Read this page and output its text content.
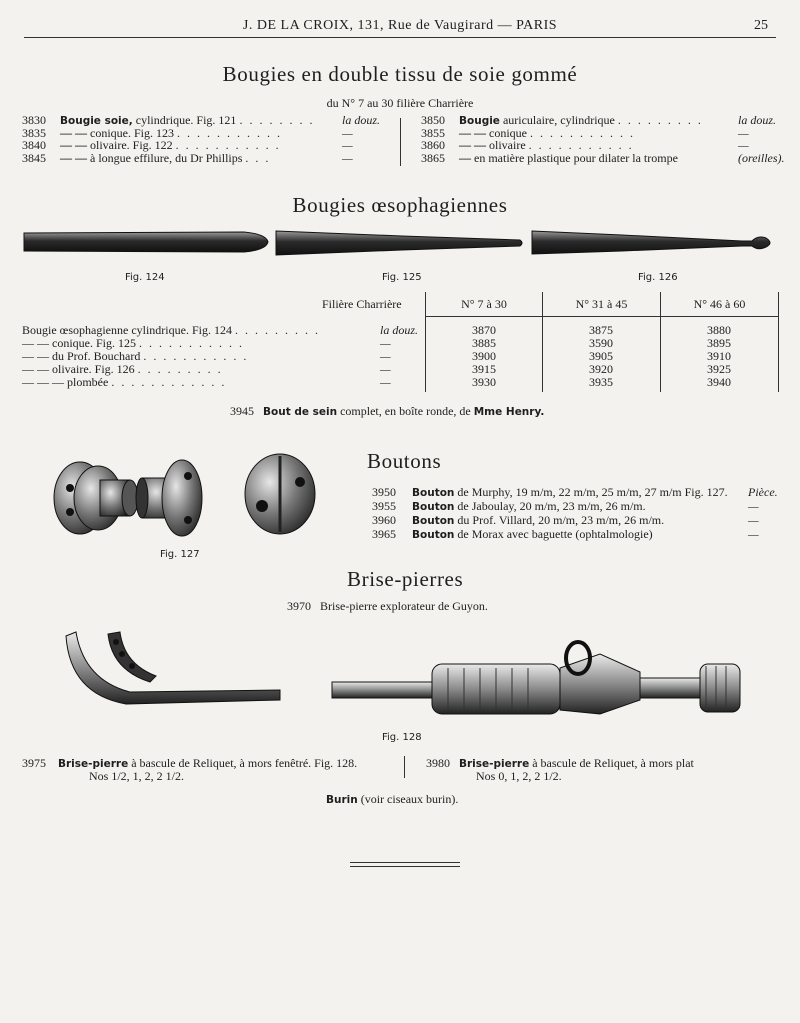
J. DE LA CROIX, 131, Rue de Vaugirard — PARIS	25
Bougies en double tissu de soie gommé
du N° 7 au 30 filière Charrière
3830 Bougie soie, cylindrique. Fig. 121 . . . . . . . . la douz.
3835 — — conique. Fig. 123 . . . . . . . . . . .	—
3840 — — olivaire. Fig. 122 . . . . . . . . . . .	—
3845 — — à longue effilure, du Dr Phillips . . .	—
3850 Bougie auriculaire, cylindrique . . . . . . . . .	la douz.
3855 — — conique . . . . . . . . . . .	—
3860 — — olivaire . . . . . . . . . . .	—
3865 — en matière plastique pour dilater la trompe	(oreilles).
Bougies œsophagiennes
Fig. 124	Fig. 125	Fig. 126
Filière Charrière	N° 7 à 30	N° 31 à 45	N° 46 à 60
Bougie œsophagienne cylindrique. Fig. 124 . . . . . . . . .	la douz.	3870	3875	3880
— — conique. Fig. 125 . . . . . . . . . . .	—	3885	3590	3895
— — du Prof. Bouchard . . . . . . . . . . .	—	3900	3905	3910
— — olivaire. Fig. 126 . . . . . . . . .	—	3915	3920	3925
— — — plombée . . . . . . . . . . . .	—	3930	3935	3940
3945 Bout de sein complet, en boîte ronde, de Mme Henry.
Boutons
Fig. 127
3950 Bouton de Murphy, 19 m/m, 22 m/m, 25 m/m, 27 m/m Fig. 127. Pièce.
3955 Bouton de Jaboulay, 20 m/m, 23 m/m, 26 m/m.	—
3960 Bouton du Prof. Villard, 20 m/m, 23 m/m, 26 m/m.	—
3965 Bouton de Morax avec baguette (ophtalmologie)	—
Brise-pierres
3970 Brise-pierre explorateur de Guyon.
Fig. 128
3975 Brise-pierre à bascule de Reliquet, à mors fenêtré. Fig. 128.
Nos 1/2, 1, 2, 2 1/2.
3980 Brise-pierre à bascule de Reliquet, à mors plat
Nos 0, 1, 2, 2 1/2.
Burin (voir ciseaux burin).
